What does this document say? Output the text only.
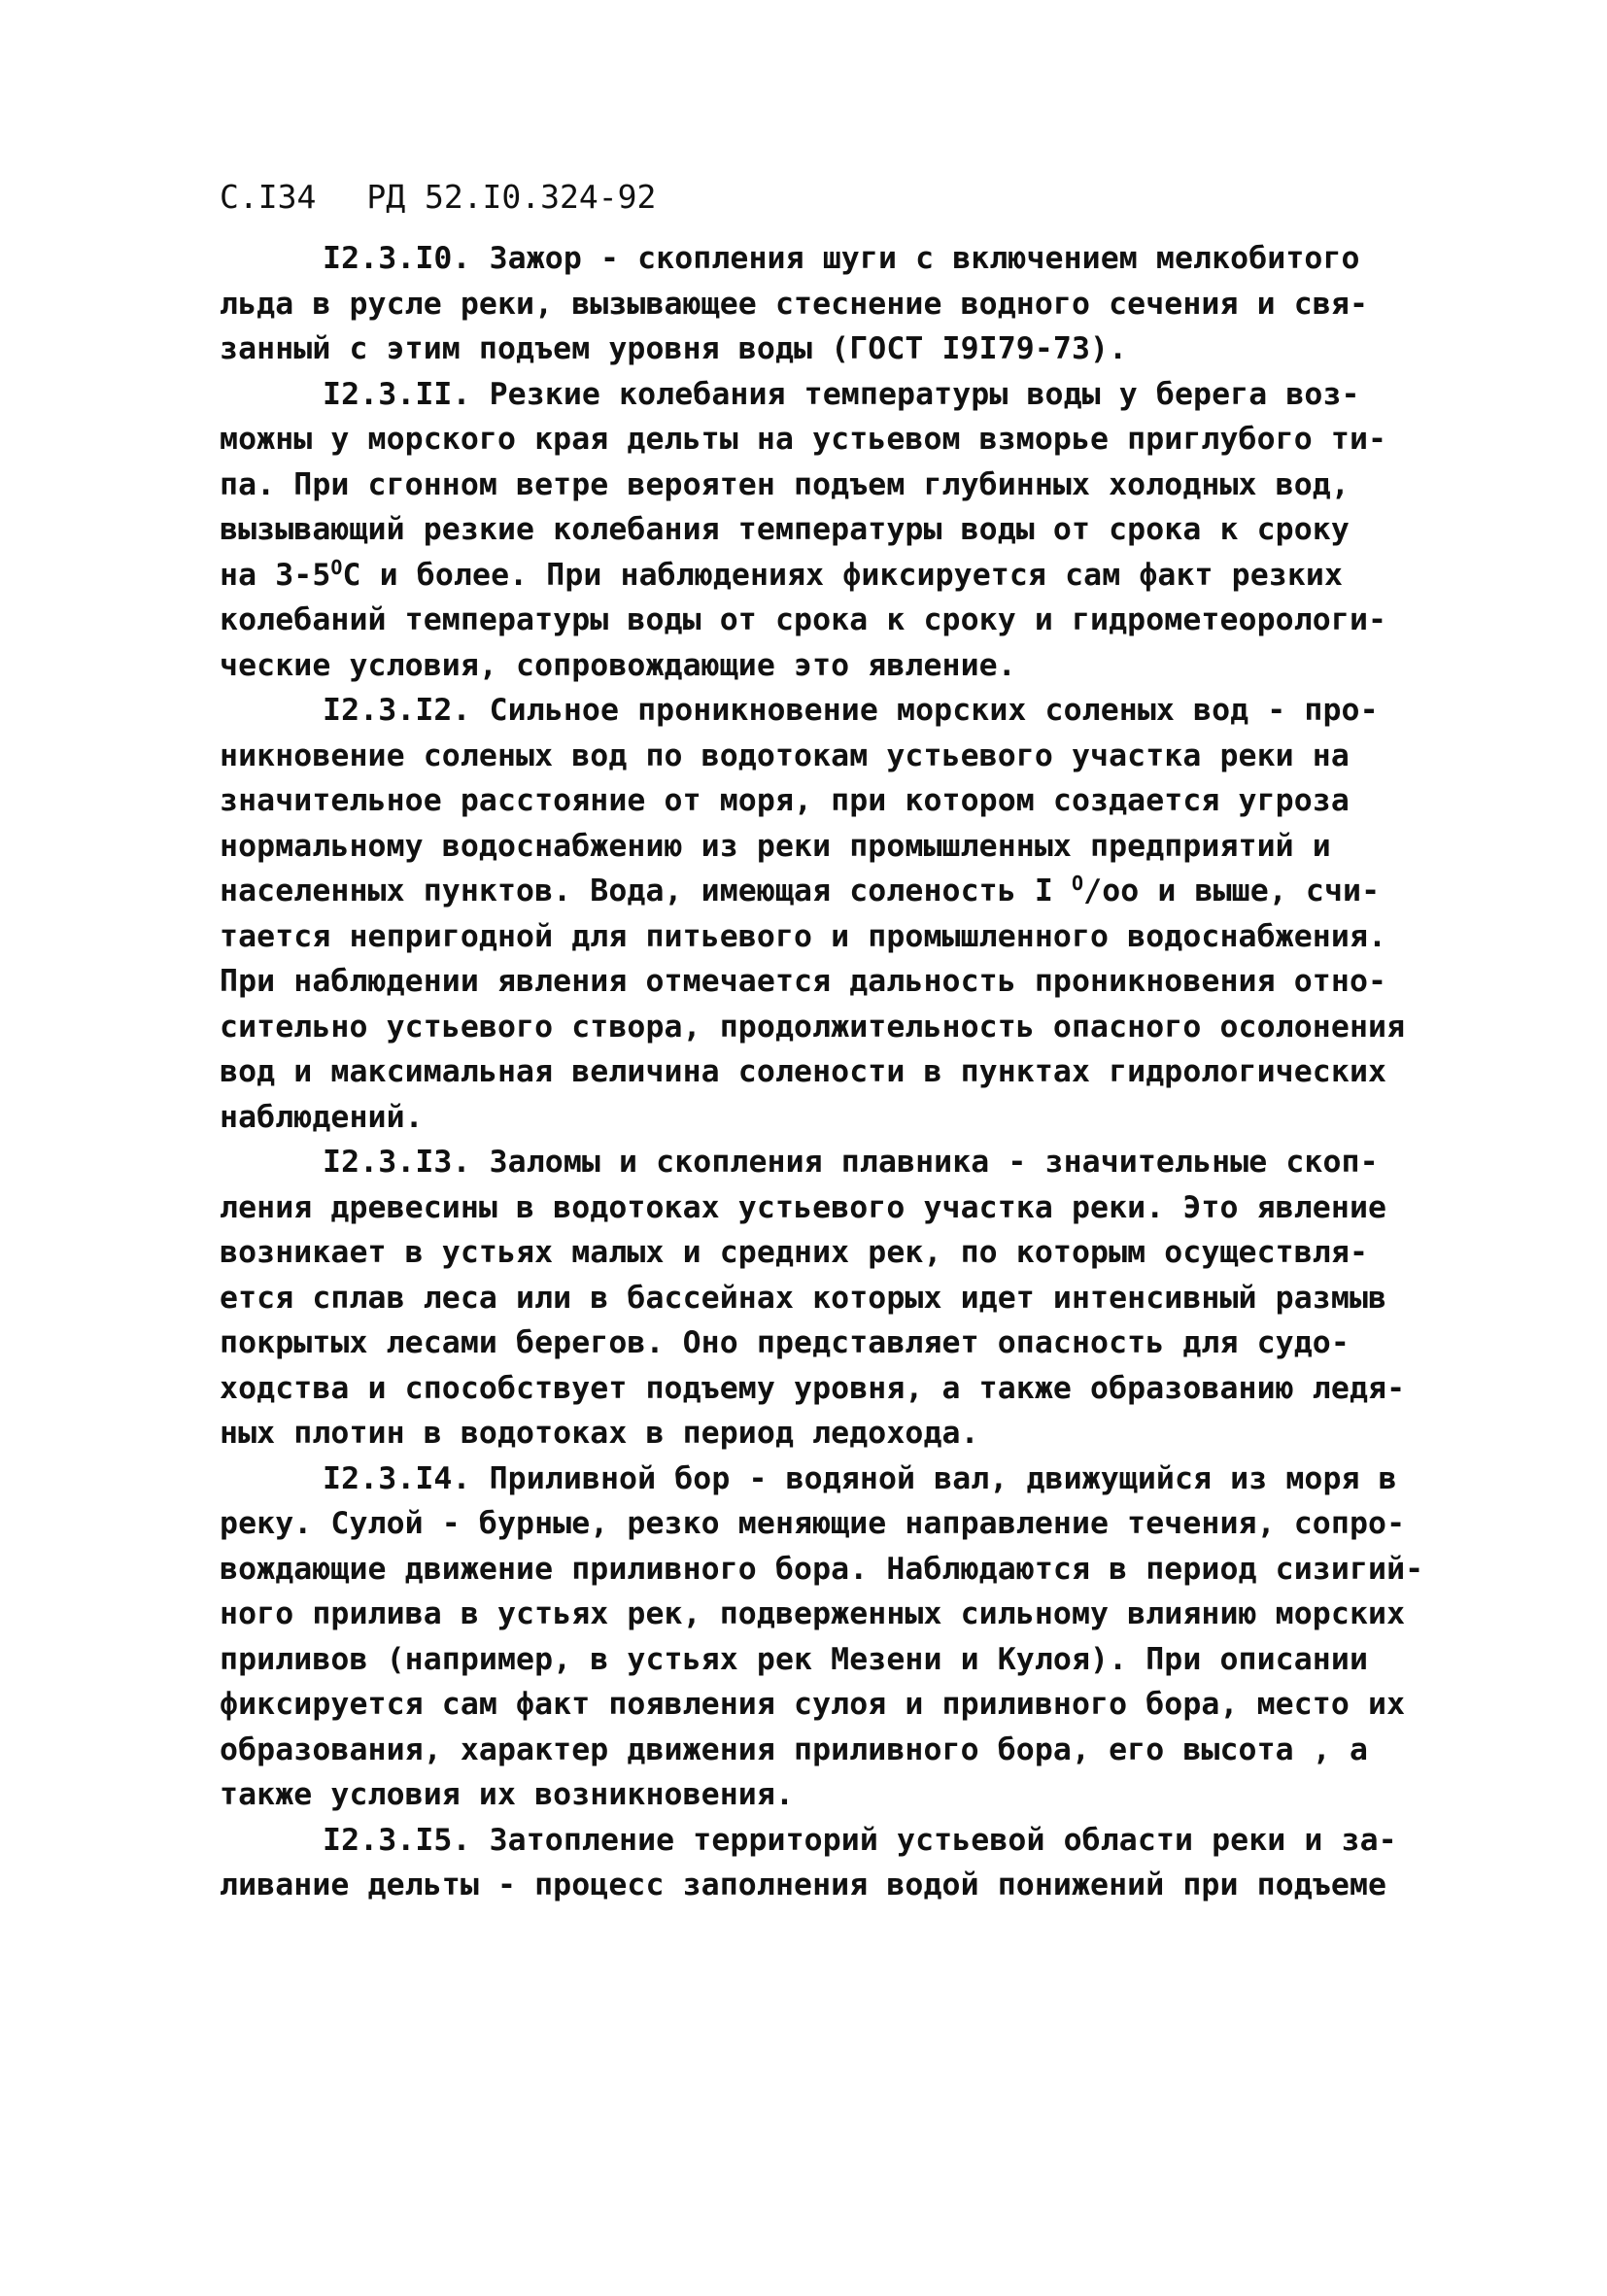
С.I34 РД 52.I0.324-92
I2.3.I0. Зажор - скопления шуги с включением мелкобитого
льда в русле реки, вызывающее стеснение водного сечения и свя-
занный с этим подъем уровня воды (ГОСТ I9I79-73).
I2.3.II. Резкие колебания температуры воды у берега воз-
можны у морского края дельты на устьевом взморье приглубого ти-
па. При сгонном ветре вероятен подъем глубинных холодных вод,
вызывающий резкие колебания температуры воды от срока к сроку
на $3-5^OС$ и более. При наблюдениях фиксируется сам факт резких
колебаний температуры воды от срока к сроку и гидрометеорологи-
ческие условия, сопровождающие это явление.
I2.3.I2. Сильное проникновение морских соленых вод - про-
никновение соленых вод по водотокам устьевого участка реки на
значительное расстояние от моря, при котором создается угроза
нормальному водоснабжению из реки промышленных предприятий и
населенных пунктов. Вода, имеющая соленость I $^O$/oo и выше, счи-
тается непригодной для питьевого и промышленного водоснабжения.
При наблюдении явления отмечается дальность проникновения отно-
сительно устьевого створа, продолжительность опасного осолонения
вод и максимальная величина солености в пунктах гидрологических
наблюдений.
I2.3.I3. Заломы и скопления плавника - значительные скоп-
ления древесины в водотоках устьевого участка реки. Это явление
возникает в устьях малых и средних рек, по которым осуществля-
ется сплав леса или в бассейнах которых идет интенсивный размыв
покрытых лесами берегов. Оно представляет опасность для судо-
ходства и способствует подъему уровня, а также образованию ледя-
ных плотин в водотоках в период ледохода.
I2.3.I4. Приливной бор - водяной вал, движущийся из моря в
реку. Сулой - бурные, резко меняющие направление течения, сопро-
вождающие движение приливного бора. Наблюдаются в период сизигий-
ного прилива в устьях рек, подверженных сильному влиянию морских
приливов (например, в устьях рек Мезени и Кулоя). При описании
фиксируется сам факт появления сулоя и приливного бора, место их
образования, характер движения приливного бора, его высота , а
также условия их возникновения.
I2.3.I5. Затопление территорий устьевой области реки и за-
ливание дельты - процесс заполнения водой понижений при подъеме
